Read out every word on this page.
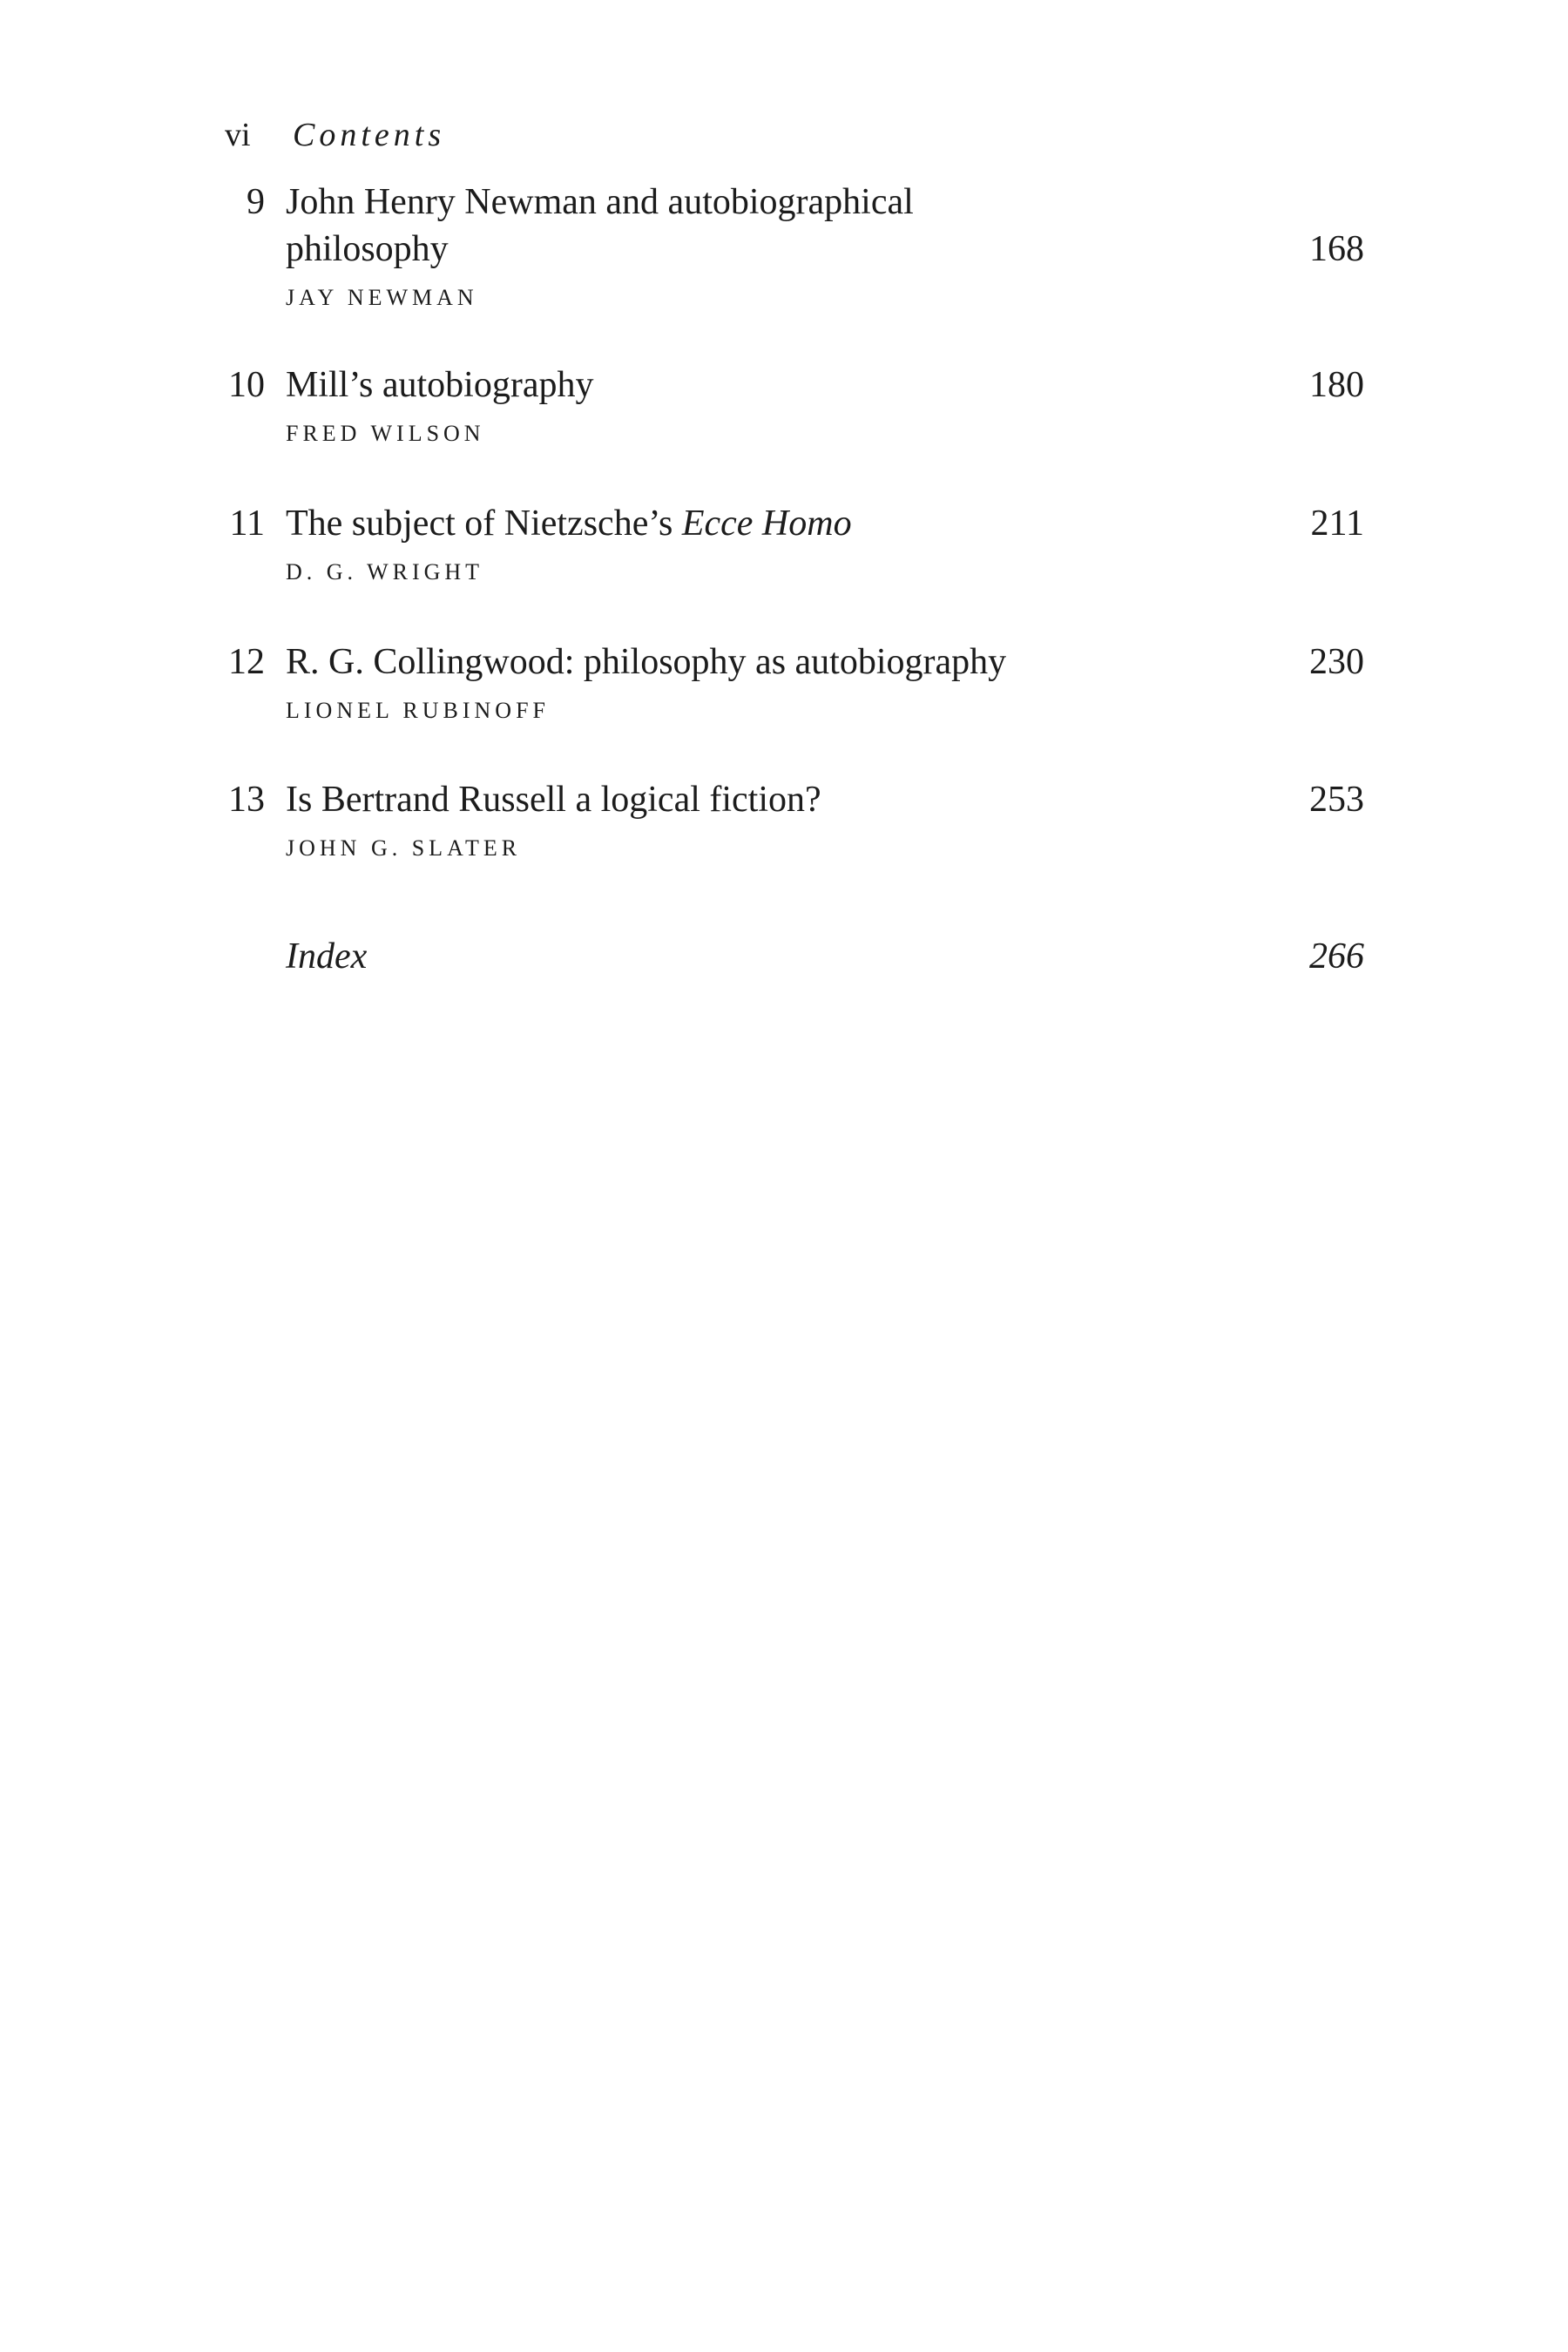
vi Contents
9 John Henry Newman and autobiographical
philosophy	168
JAY NEWMAN
10 Mill’s autobiography	180
FRED WILSON
11 The subject of Nietzsche’s Ecce Homo	211
D. G. WRIGHT
12 R. G. Collingwood: philosophy as autobiography	230
LIONEL RUBINOFF
13 Is Bertrand Russell a logical fiction?	253
JOHN G. SLATER
Index	266
